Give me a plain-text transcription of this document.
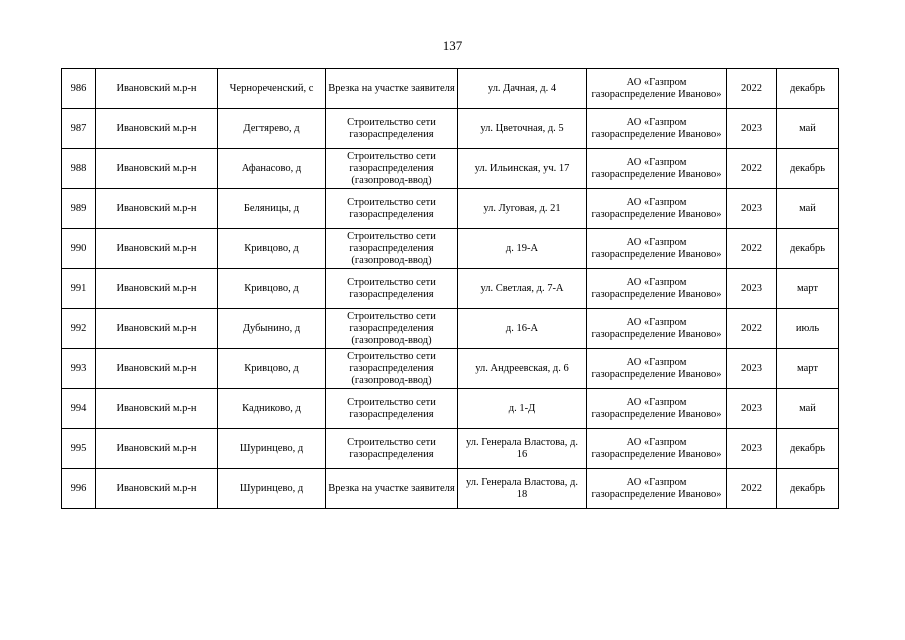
137
986	Ивановский м.р-н	Чернореченский, с	Врезка на участке заявителя	ул. Дачная, д. 4	АО «Газпром газораспределение Иваново»	2022	декабрь
987	Ивановский м.р-н	Дегтярево, д	Строительство сети газораспределения	ул. Цветочная, д. 5	АО «Газпром газораспределение Иваново»	2023	май
988	Ивановский м.р-н	Афанасово, д	Строительство сети газораспределения (газопровод-ввод)	ул. Ильинская, уч. 17	АО «Газпром газораспределение Иваново»	2022	декабрь
989	Ивановский м.р-н	Беляницы, д	Строительство сети газораспределения	ул. Луговая, д. 21	АО «Газпром газораспределение Иваново»	2023	май
990	Ивановский м.р-н	Кривцово, д	Строительство сети газораспределения (газопровод-ввод)	д. 19-А	АО «Газпром газораспределение Иваново»	2022	декабрь
991	Ивановский м.р-н	Кривцово, д	Строительство сети газораспределения	ул. Светлая, д. 7-А	АО «Газпром газораспределение Иваново»	2023	март
992	Ивановский м.р-н	Дубынино, д	Строительство сети газораспределения (газопровод-ввод)	д. 16-А	АО «Газпром газораспределение Иваново»	2022	июль
993	Ивановский м.р-н	Кривцово, д	Строительство сети газораспределения (газопровод-ввод)	ул. Андреевская, д. 6	АО «Газпром газораспределение Иваново»	2023	март
994	Ивановский м.р-н	Кадниково, д	Строительство сети газораспределения	д. 1-Д	АО «Газпром газораспределение Иваново»	2023	май
995	Ивановский м.р-н	Шуринцево, д	Строительство сети газораспределения	ул. Генерала Властова, д. 16	АО «Газпром газораспределение Иваново»	2023	декабрь
996	Ивановский м.р-н	Шуринцево, д	Врезка на участке заявителя	ул. Генерала Властова, д. 18	АО «Газпром газораспределение Иваново»	2022	декабрь
